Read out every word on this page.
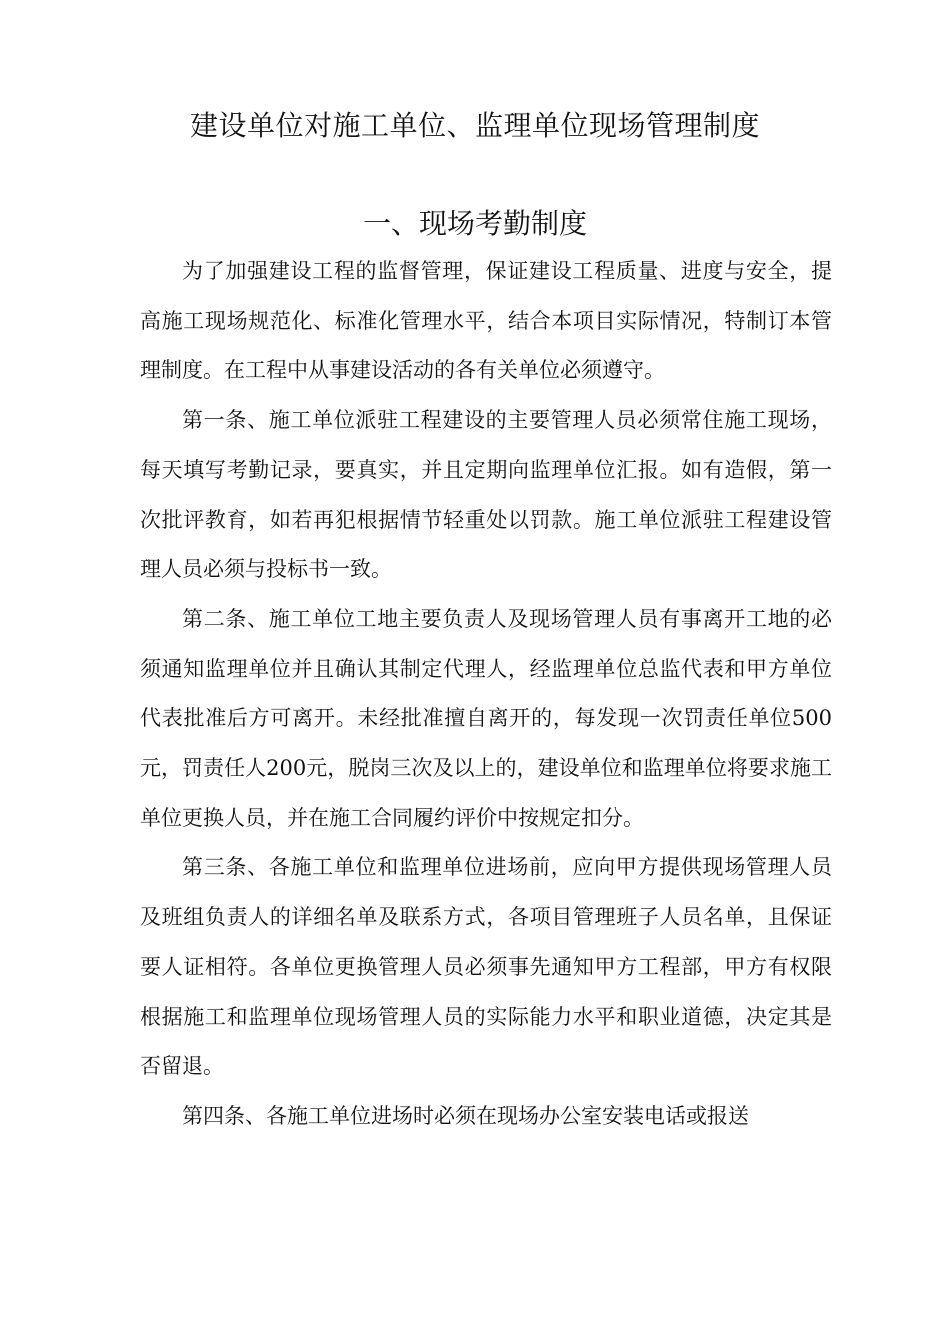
建设单位对施工单位、监理单位现场管理制度
一、现场考勤制度

为了加强建设工程的监督管理，保证建设工程质量、进度与安全，提高施工现场规范化、标准化管理水平，结合本项目实际情况，特制订本管理制度。在工程中从事建设活动的各有关单位必须遵守。

第一条、施工单位派驻工程建设的主要管理人员必须常住施工现场，每天填写考勤记录，要真实，并且定期向监理单位汇报。如有造假，第一次批评教育，如若再犯根据情节轻重处以罚款。施工单位派驻工程建设管理人员必须与投标书一致。

第二条、施工单位工地主要负责人及现场管理人员有事离开工地的必须通知监理单位并且确认其制定代理人，经监理单位总监代表和甲方单位代表批准后方可离开。未经批准擅自离开的，每发现一次罚责任单位500元，罚责任人200元，脱岗三次及以上的，建设单位和监理单位将要求施工单位更换人员，并在施工合同履约评价中按规定扣分。

第三条、各施工单位和监理单位进场前，应向甲方提供现场管理人员及班组负责人的详细名单及联系方式，各项目管理班子人员名单，且保证要人证相符。各单位更换管理人员必须事先通知甲方工程部，甲方有权限根据施工和监理单位现场管理人员的实际能力水平和职业道德，决定其是否留退。

第四条、各施工单位进场时必须在现场办公室安装电话或报送
